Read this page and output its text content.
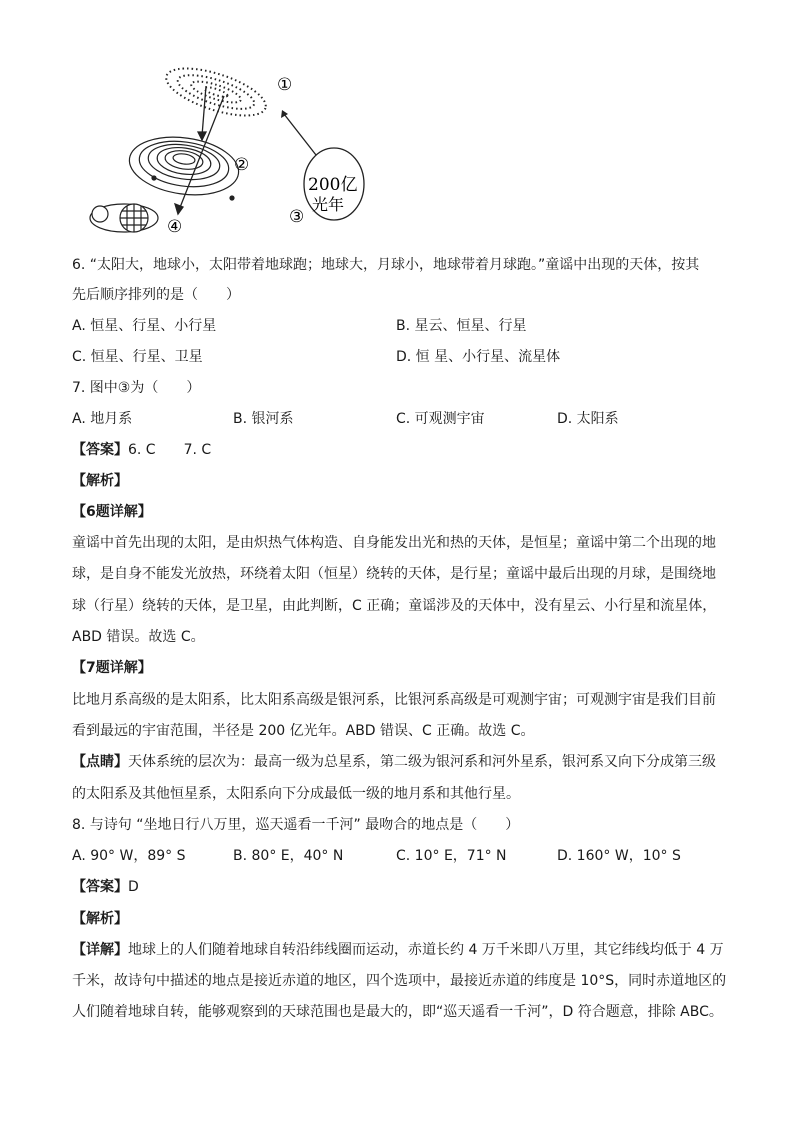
①
②
③
④
200亿
光年
6. “太阳大，地球小，太阳带着地球跑；地球大，月球小，地球带着月球跑。”童谣中出现的天体，按其
先后顺序排列的是（　　）
A. 恒星、行星、小行星	B. 星云、恒星、行星
C. 恒星、行星、卫星	D. 恒 星、小行星、流星体
7. 图中③为（　　）
A. 地月系	B. 银河系	C. 可观测宇宙	D. 太阳系
【答案】6. C　　7. C
【解析】
【6题详解】
童谣中首先出现的太阳，是由炽热气体构造、自身能发出光和热的天体，是恒星；童谣中第二个出现的地
球，是自身不能发光放热，环绕着太阳（恒星）绕转的天体，是行星；童谣中最后出现的月球，是围绕地
球（行星）绕转的天体，是卫星，由此判断，C 正确；童谣涉及的天体中，没有星云、小行星和流星体，
ABD 错误。故选 C。
【7题详解】
比地月系高级的是太阳系，比太阳系高级是银河系，比银河系高级是可观测宇宙；可观测宇宙是我们目前
看到最远的宇宙范围，半径是 200 亿光年。ABD 错误、C 正确。故选 C。
【点睛】天体系统的层次为：最高一级为总星系，第二级为银河系和河外星系，银河系又向下分成第三级
的太阳系及其他恒星系，太阳系向下分成最低一级的地月系和其他行星。
8. 与诗句 “坐地日行八万里，巡天遥看一千河” 最吻合的地点是（　　）
A. 90° W，89° S	B. 80° E，40° N	C. 10° E，71° N	D. 160° W，10° S
【答案】D
【解析】
【详解】地球上的人们随着地球自转沿纬线圈而运动，赤道长约 4 万千米即八万里，其它纬线均低于 4 万
千米，故诗句中描述的地点是接近赤道的地区，四个选项中，最接近赤道的纬度是 10°S，同时赤道地区的
人们随着地球自转，能够观察到的天球范围也是最大的，即“巡天遥看一千河”，D 符合题意，排除 ABC。
